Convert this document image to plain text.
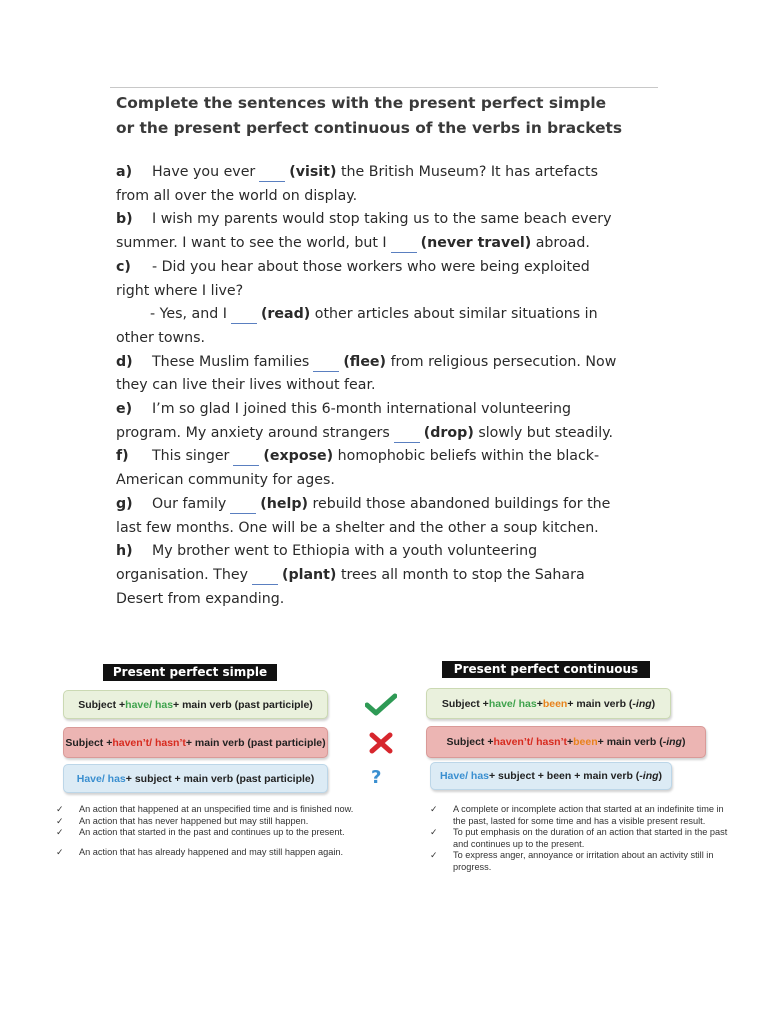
Complete the sentences with the present perfect simple
or the present perfect continuous of the verbs in brackets

a) Have you ever (visit) the British Museum? It has artefacts

from all over the world on display.

b) I wish my parents would stop taking us to the same beach every

summer. I want to see the world, but I (never travel) abroad.

c) - Did you hear about those workers who were being exploited

right where I live?

- Yes, and I (read) other articles about similar situations in

other towns.

d) These Muslim families (flee) from religious persecution. Now

they can live their lives without fear.

e) I’m so glad I joined this 6-month international volunteering

program. My anxiety around strangers (drop) slowly but steadily.

f) This singer (expose) homophobic beliefs within the black-

American community for ages.

g) Our family (help) rebuild those abandoned buildings for the

last few months. One will be a shelter and the other a soup kitchen.

h) My brother went to Ethiopia with a youth volunteering

organisation. They (plant) trees all month to stop the Sahara

Desert from expanding.

Present perfect simple	Present perfect continuous
Subject + have/ has + main verb (past participle)
Subject + haven’t/ hasn’t + main verb (past participle)
Have/ has + subject + main verb (past participle)	?
Subject + have/ has + been + main verb ( -ing )
Subject + haven’t/ hasn’t + been + main verb ( -ing )
Have/ has + subject + been + main verb ( -ing )
✓ An action that happened at an unspecified time and is finished now.
✓ An action that has never happened but may still happen.
✓ An action that started in the past and continues up to the present.
✓ An action that has already happened and may still happen again.
✓ A complete or incomplete action that started at an indefinite time in the past, lasted for some time and has a visible present result.
✓ To put emphasis on the duration of an action that started in the past and continues up to the present.
✓ To express anger, annoyance or irritation about an activity still in progress.
